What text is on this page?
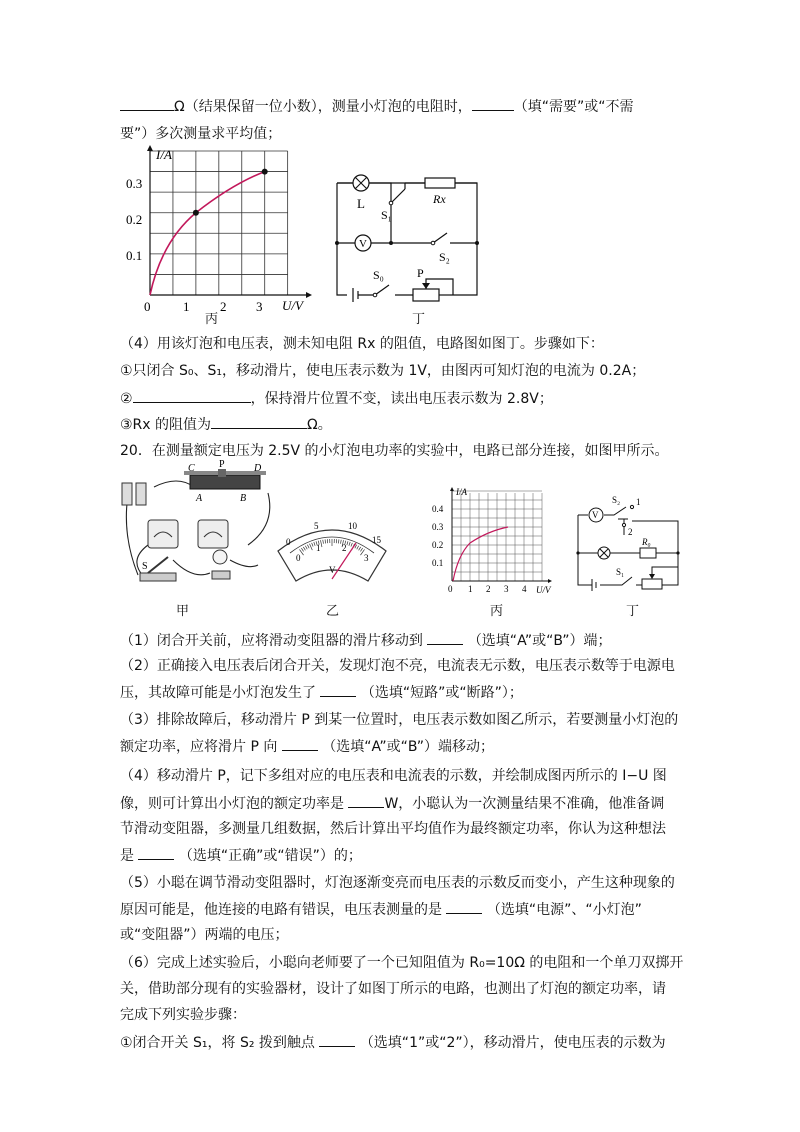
Ω（结果保留一位小数），测量小灯泡的电阻时，	（填“需要”或“不需
要”）多次测量求平均值；
I/A
U/V
0
0.1
0.2
0.3
1 2 3
丙
L
S₁
Rx
V
S₂
S₀	P
丁
（4）用该灯泡和电压表，测未知电阻 Rx 的阻值，电路图如图丁。步骤如下：
①只闭合 S₀、S₁，移动滑片，使电压表示数为 1V，由图丙可知灯泡的电流为 0.2A；
②	，保持滑片位置不变，读出电压表示数为 2.8V；
③Rx 的阻值为	Ω。
20．在测量额定电压为 2.5V 的小灯泡电功率的实验中，电路已部分连接，如图甲所示。
C P	D
A	B
S
甲
0
5	10
15
0
1 2
3
V
乙
I/A
U/V
0
0.1
0.2
0.3
0.4
1 2 3 4
丙
V
S₂ 1
2
R₀
S₁
丁
（1）闭合开关前，应将滑动变阻器的滑片移动到	（选填“A”或“B”）端；
（2）正确接入电压表后闭合开关，发现灯泡不亮，电流表无示数，电压表示数等于电源电
压，其故障可能是小灯泡发生了	（选填“短路”或“断路”）；
（3）排除故障后，移动滑片 P 到某一位置时，电压表示数如图乙所示，若要测量小灯泡的
额定功率，应将滑片 P 向	（选填“A”或“B”）端移动；
（4）移动滑片 P，记下多组对应的电压表和电流表的示数，并绘制成图丙所示的 I−U 图
像，则可计算出小灯泡的额定功率是	W，小聪认为一次测量结果不准确，他准备调
节滑动变阻器，多测量几组数据，然后计算出平均值作为最终额定功率，你认为这种想法
是	（选填“正确”或“错误”）的；
（5）小聪在调节滑动变阻器时，灯泡逐渐变亮而电压表的示数反而变小，产生这种现象的
原因可能是，他连接的电路有错误，电压表测量的是	（选填“电源”、“小灯泡”
或“变阻器”）两端的电压；
（6）完成上述实验后，小聪向老师要了一个已知阻值为 R₀=10Ω 的电阻和一个单刀双掷开
关，借助部分现有的实验器材，设计了如图丁所示的电路，也测出了灯泡的额定功率，请
完成下列实验步骤：
①闭合开关 S₁，将 S₂ 拨到触点	（选填“1”或“2”），移动滑片，使电压表的示数为
